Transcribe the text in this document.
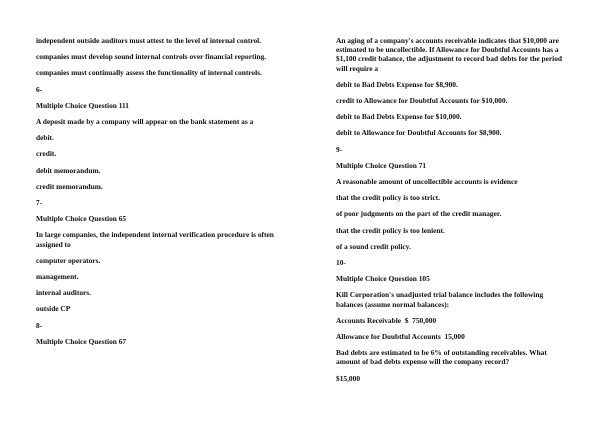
independent outside auditors must attest to the level of internal control.

companies must develop sound internal controls over financial reporting.

companies must continually assess the functionality of internal controls.

6-

Multiple Choice Question 111

A deposit made by a company will appear on the bank statement as a

debit.

credit.

debit memorandum.

credit memorandum.

7-

Multiple Choice Question 65

In large companies, the independent internal verification procedure is often assigned to

computer operators.

management.

internal auditors.

outside CP

8-

Multiple Choice Question 67

An aging of a company's accounts receivable indicates that $10,000 are estimated to be uncollectible. If Allowance for Doubtful Accounts has a $1,100 credit balance, the adjustment to record bad debts for the period will require a

debit to Bad Debts Expense for $8,900.

credit to Allowance for Doubtful Accounts for $10,000.

debit to Bad Debts Expense for $10,000.

debit to Allowance for Doubtful Accounts for $8,900.

9-

Multiple Choice Question 71

A reasonable amount of uncollectible accounts is evidence

that the credit policy is too strict.

of poor judgments on the part of the credit manager.

that the credit policy is too lenient.

of a sound credit policy.

10-

Multiple Choice Question 105

Kill Corporation's unadjusted trial balance includes the following balances (assume normal balances):

Accounts Receivable  $  750,000

Allowance for Doubtful Accounts  15,000

Bad debts are estimated to be 6% of outstanding receivables. What amount of bad debts expense will the company record?

$15,000
